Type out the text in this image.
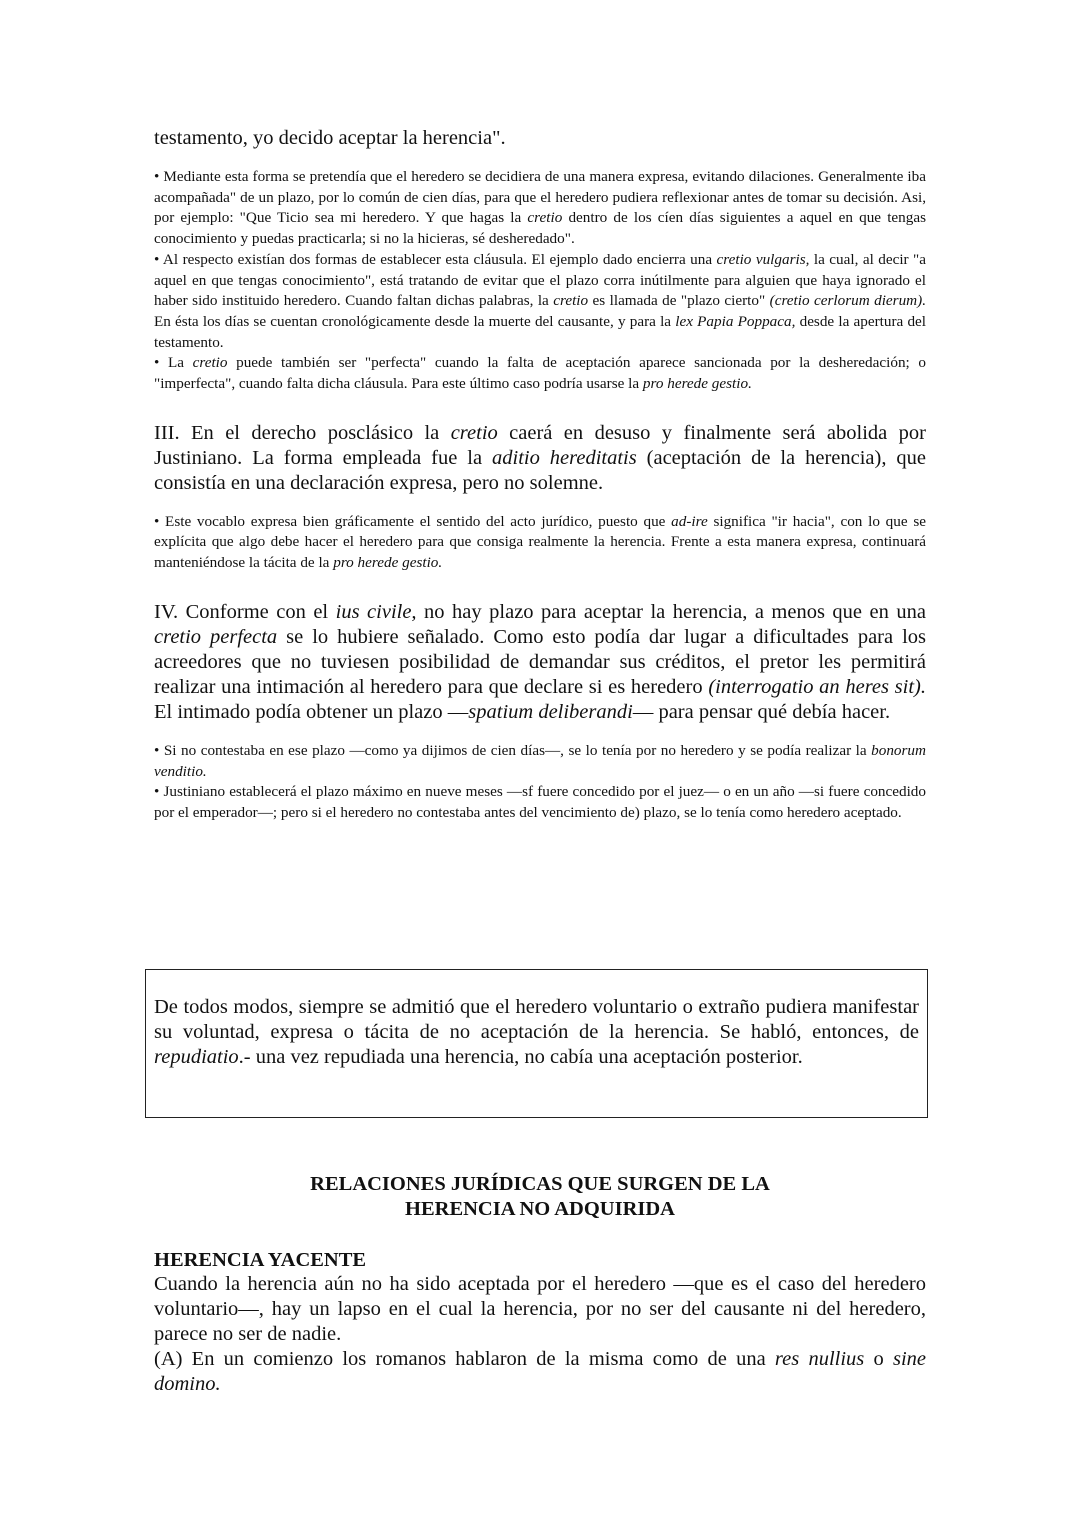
testamento, yo decido aceptar la herencia".

• Mediante esta forma se pretendía que el heredero se decidiera de una manera expresa, evitando dilaciones. Generalmente iba acompañada" de un plazo, por lo común de cien días, para que el heredero pudiera reflexionar antes de tomar su decisión. Asi, por ejemplo: "Que Ticio sea mi heredero. Y que hagas la cretio dentro de los cíen días siguientes a aquel en que tengas conocimiento y puedas practicarla; si no la hicieras, sé desheredado".

• Al respecto existían dos formas de establecer esta cláusula. El ejemplo dado encierra una cretio vulgaris, la cual, al decir "a aquel en que tengas conocimiento", está tratando de evitar que el plazo corra inútilmente para alguien que haya ignorado el haber sido instituido heredero. Cuando faltan dichas palabras, la cretio es llamada de "plazo cierto" (cretio cerlorum dierum). En ésta los días se cuentan cronológicamente desde la muerte del causante, y para la lex Papia Poppaca, desde la apertura del testamento.

• La cretio puede también ser "perfecta" cuando la falta de aceptación aparece sancionada por la desheredación; o "imperfecta", cuando falta dicha cláusula. Para este último caso podría usarse la pro herede gestio.

III. En el derecho posclásico la cretio caerá en desuso y finalmente será abolida por Justiniano. La forma empleada fue la aditio hereditatis (aceptación de la herencia), que consistía en una declaración expresa, pero no solemne.

• Este vocablo expresa bien gráficamente el sentido del acto jurídico, puesto que ad-ire significa "ir hacia", con lo que se explícita que algo debe hacer el heredero para que consiga realmente la herencia. Frente a esta manera expresa, continuará manteniéndose la tácita de la pro herede gestio.

IV. Conforme con el ius civile, no hay plazo para aceptar la herencia, a menos que en una cretio perfecta se lo hubiere señalado. Como esto podía dar lugar a dificultades para los acreedores que no tuviesen posibilidad de demandar sus créditos, el pretor les permitirá realizar una intimación al heredero para que declare si es heredero (interrogatio an heres sit). El intimado podía obtener un plazo —spatium deliberandi— para pensar qué debía hacer.

• Si no contestaba en ese plazo —como ya dijimos de cien días—, se lo tenía por no heredero y se podía realizar la bonorum venditio.

• Justiniano establecerá el plazo máximo en nueve meses —sf fuere concedido por el juez— o en un año —si fuere concedido por el emperador—; pero si el heredero no contestaba antes del vencimiento de) plazo, se lo tenía como heredero aceptado.

De todos modos, siempre se admitió que el heredero voluntario o extraño pudiera manifestar su voluntad, expresa o tácita de no aceptación de la herencia. Se habló, entonces, de repudiatio.- una vez repudiada una herencia, no cabía una aceptación posterior.

RELACIONES JURÍDICAS QUE SURGEN DE LA
HERENCIA NO ADQUIRIDA
HERENCIA YACENTE

Cuando la herencia aún no ha sido aceptada por el heredero —que es el caso del heredero voluntario—, hay un lapso en el cual la herencia, por no ser del causante ni del heredero, parece no ser de nadie.

(A) En un comienzo los romanos hablaron de la misma como de una res nullius o sine domino.
